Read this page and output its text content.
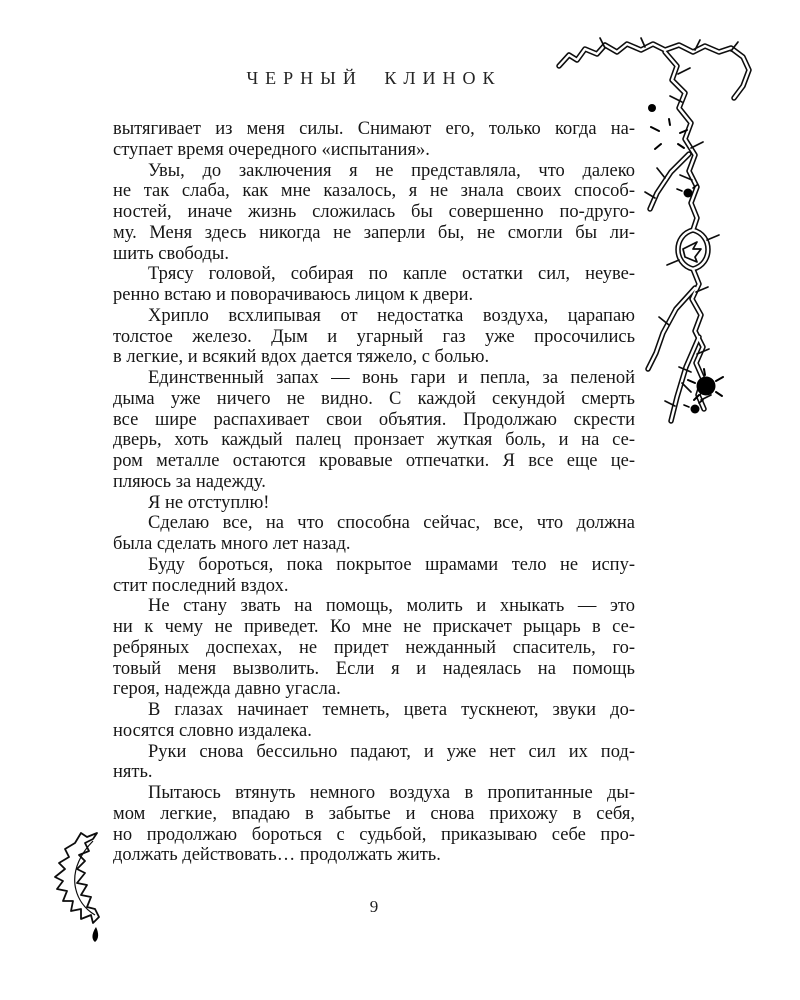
ЧЕРНЫЙ КЛИНОК
вытягивает из меня силы. Снимают его, только когда на-
ступает время очередного «испытания».
Увы, до заключения я не представляла, что далеко
не так слаба, как мне казалось, я не знала своих способ-
ностей, иначе жизнь сложилась бы совершенно по-друго-
му. Меня здесь никогда не заперли бы, не смогли бы ли-
шить свободы.
Трясу головой, собирая по капле остатки сил, неуве-
ренно встаю и поворачиваюсь лицом к двери.
Хрипло всхлипывая от недостатка воздуха, царапаю
толстое железо. Дым и угарный газ уже просочились
в легкие, и всякий вдох дается тяжело, с болью.
Единственный запах — вонь гари и пепла, за пеленой
дыма уже ничего не видно. С каждой секундой смерть
все шире распахивает свои объятия. Продолжаю скрести
дверь, хоть каждый палец пронзает жуткая боль, и на се-
ром металле остаются кровавые отпечатки. Я все еще це-
пляюсь за надежду.
Я не отступлю!
Сделаю все, на что способна сейчас, все, что должна
была сделать много лет назад.
Буду бороться, пока покрытое шрамами тело не испу-
стит последний вздох.
Не стану звать на помощь, молить и хныкать — это
ни к чему не приведет. Ко мне не прискачет рыцарь в се-
ребряных доспехах, не придет нежданный спаситель, го-
товый меня вызволить. Если я и надеялась на помощь
героя, надежда давно угасла.
В глазах начинает темнеть, цвета тускнеют, звуки до-
носятся словно издалека.
Руки снова бессильно падают, и уже нет сил их под-
нять.
Пытаюсь втянуть немного воздуха в пропитанные ды-
мом легкие, впадаю в забытье и снова прихожу в себя,
но продолжаю бороться с судьбой, приказываю себе про-
должать действовать… продолжать жить.
9
